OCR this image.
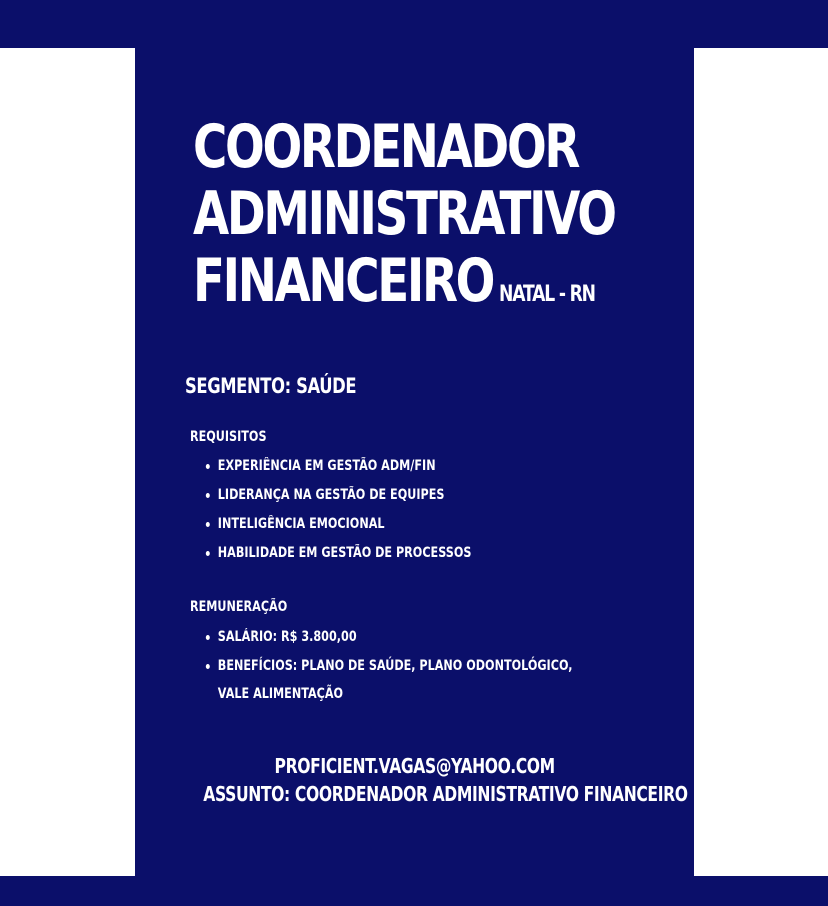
COORDENADOR
ADMINISTRATIVO
FINANCEIRO NATAL - RN
SEGMENTO: SAÚDE
REQUISITOS
EXPERIÊNCIA EM GESTÃO ADM/FIN
LIDERANÇA NA GESTÃO DE EQUIPES
INTELIGÊNCIA EMOCIONAL
HABILIDADE EM GESTÃO DE PROCESSOS
REMUNERAÇÃO
SALÁRIO: R$ 3.800,00
BENEFÍCIOS: PLANO DE SAÚDE, PLANO ODONTOLÓGICO,
VALE ALIMENTAÇÃO
PROFICIENT.VAGAS@YAHOO.COM
ASSUNTO: COORDENADOR ADMINISTRATIVO FINANCEIRO
